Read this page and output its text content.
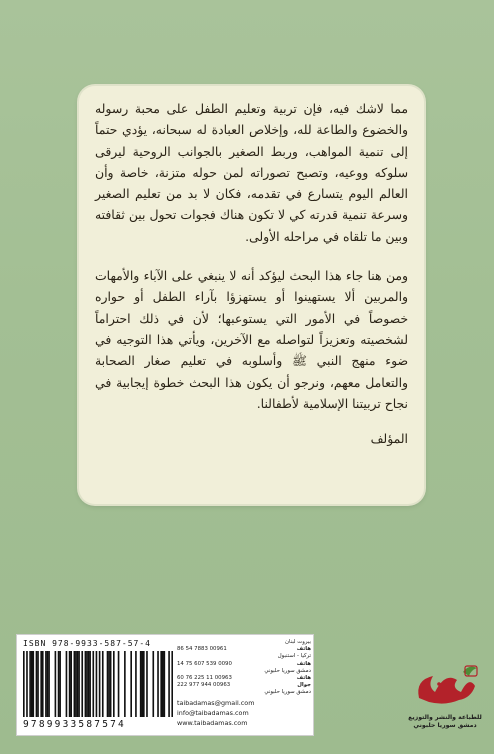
مما لاشك فيه، فإن تربية وتعليم الطفل على محبة رسوله والخضوع والطاعة لله، وإخلاص العبادة له سبحانه، يؤدي حتماً إلى تنمية المواهب، وربط الصغير بالجوانب الروحية ليرقى سلوكه ووعيه، وتصبح تصوراته لمن حوله متزنة، خاصة وأن العالم اليوم يتسارع في تقدمه، فكان لا بد من تعليم الصغير وسرعة تنمية قدرته كي لا تكون هناك فجوات تحول بين ثقافته وبين ما تلقاه في مراحله الأولى.

ومن هنا جاء هذا البحث ليؤكد أنه لا ينبغي على الآباء والأمهات والمربين ألا يستهينوا أو يستهزؤا بآراء الطفل أو حواره خصوصاً في الأمور التي يستوعبها؛ لأن في ذلك احتراماً لشخصيته وتعزيزاً لتواصله مع الآخرين، ويأتي هذا التوجيه في ضوء منهج النبي ﷺ وأسلوبه في تعليم صغار الصحابة والتعامل معهم، ونرجو أن يكون هذا البحث خطوة إيجابية في نجاح تربيتنا الإسلامية لأطفالنا.

المؤلف

ISBN 978-9933-587-57-4
9789933587574
بيروت لبنان
هاتف
00961 7883 54 86
تركيا - استنبول
هاتف
0090 539 607 75 14
دمشق سوريا حلبوني
هاتف
00963 11 225 76 60
جوال
00963 944 977 222
دمشق سوريا حلبوني
taibadamas@gmail.com
info@taibadamas.com
www.taibadamas.com
للطباعة والنشر والتوزيع
دمشق سوريا حلبوني
